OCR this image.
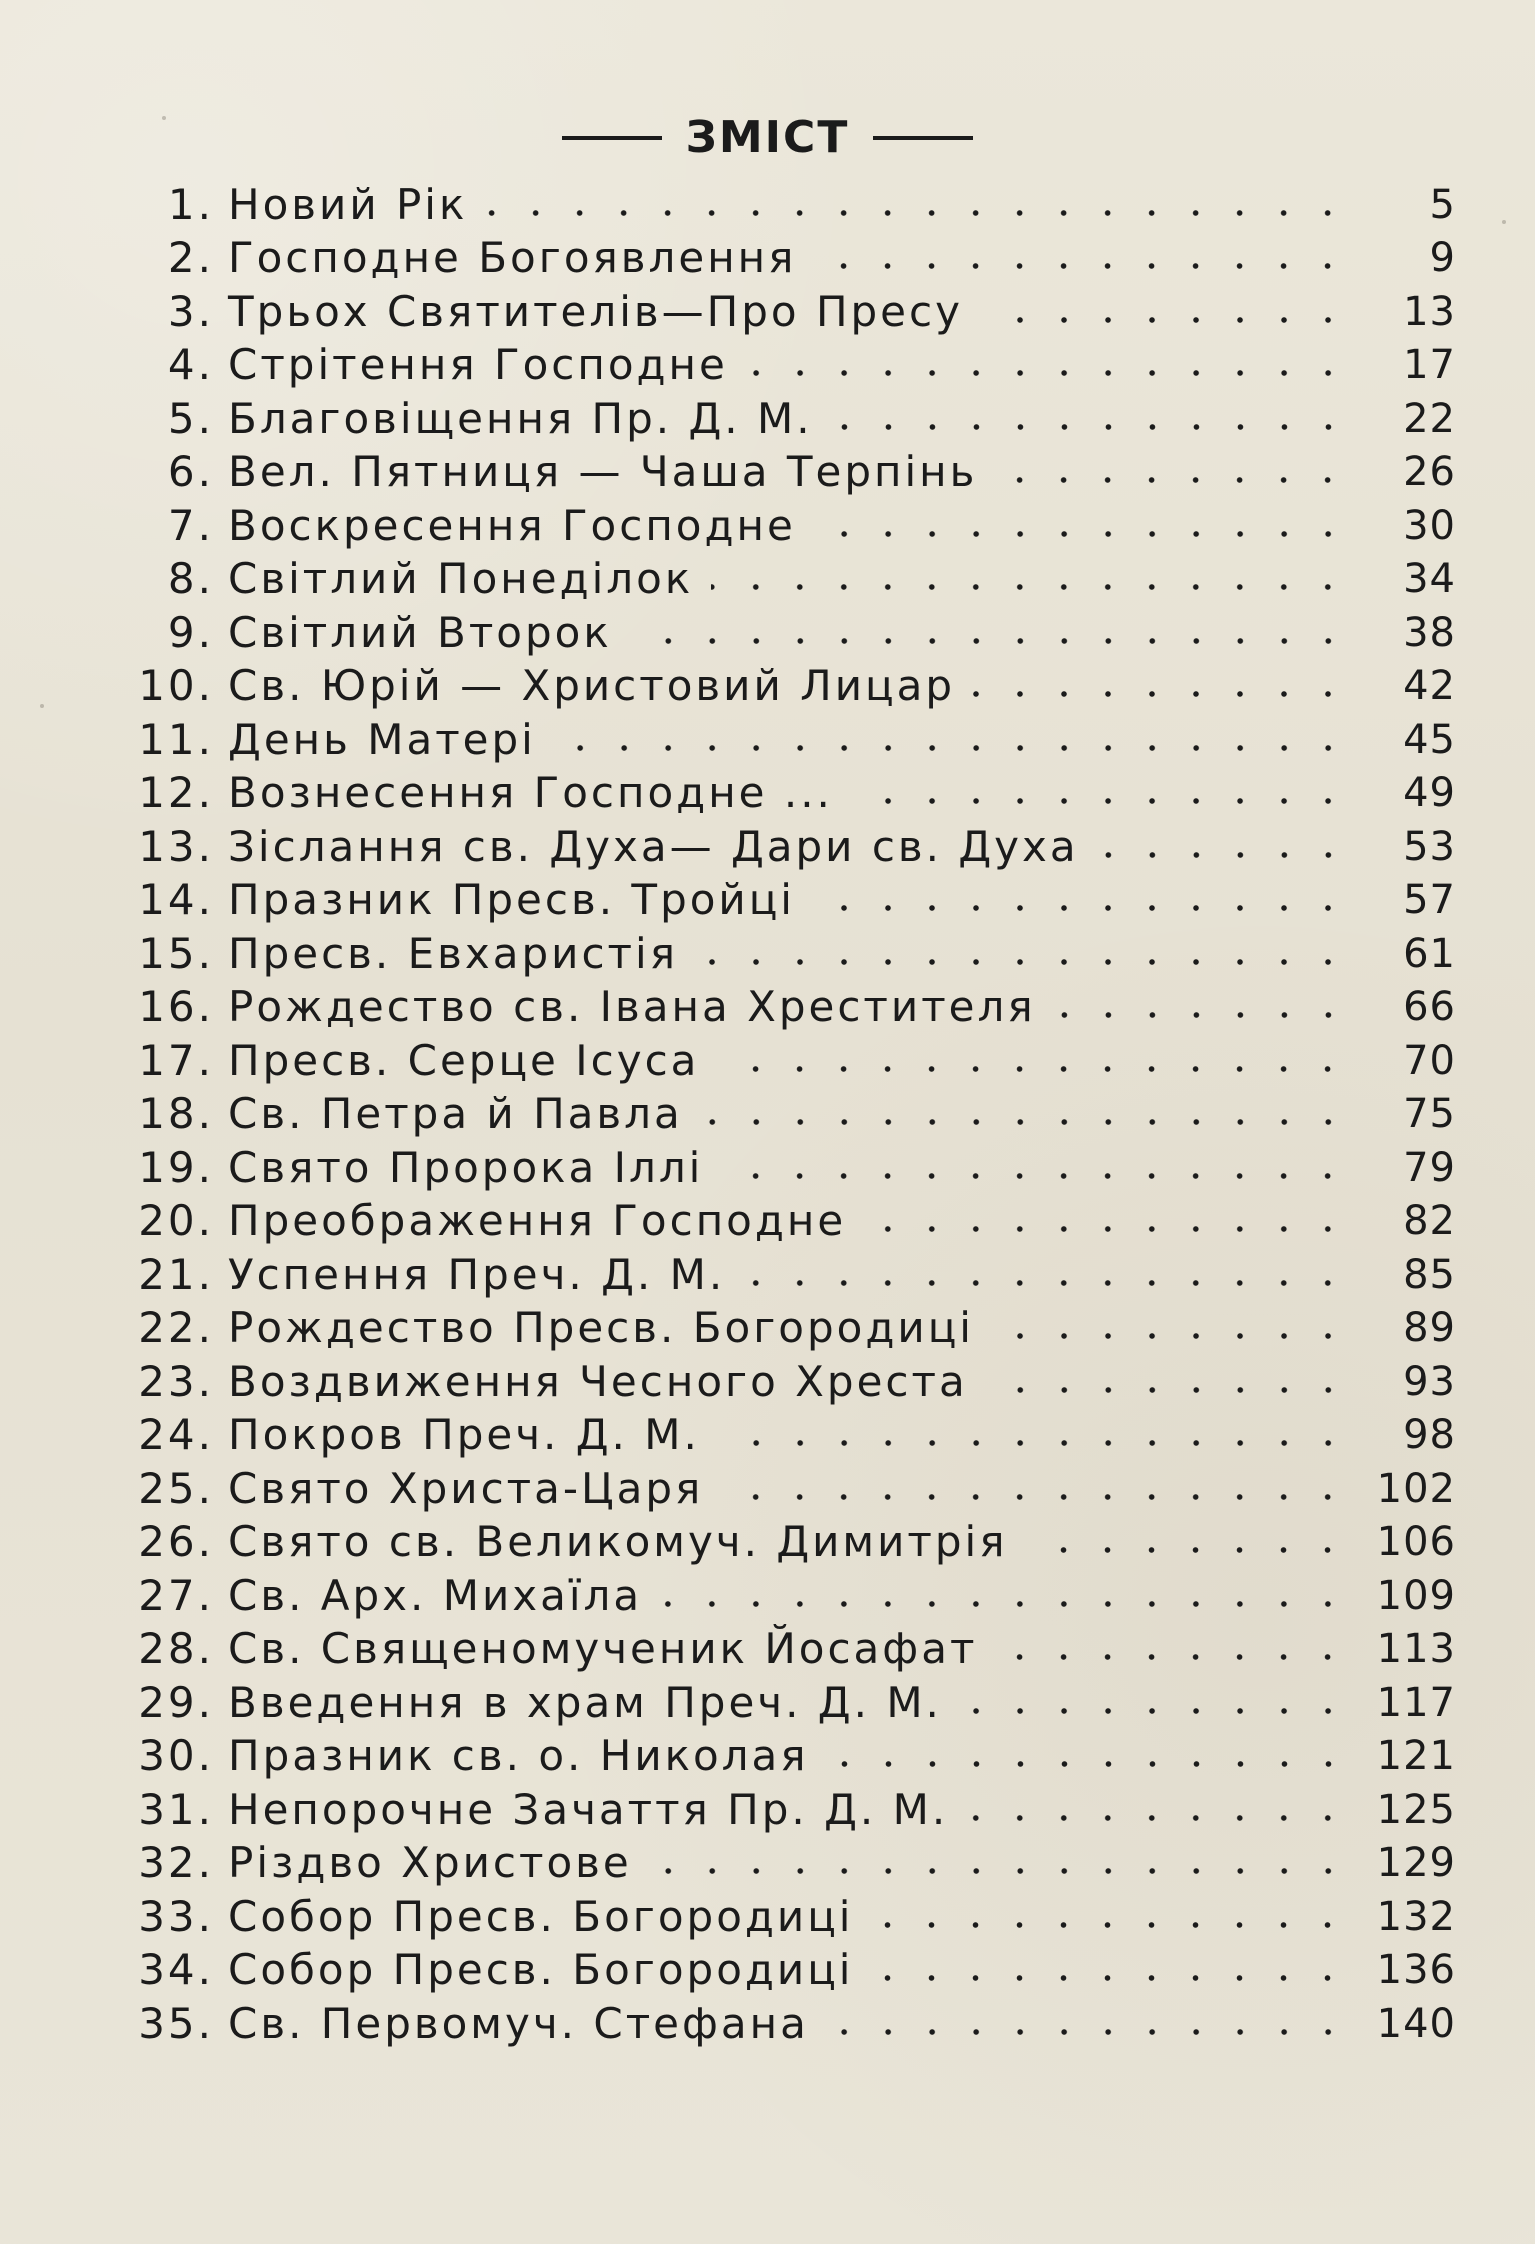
ЗМІСТ
1. Новий Рік	5
2. Господне Богоявлення	9
3. Трьох Святителів—Про Пресу	13
4. Стрітення Господне	17
5. Благовіщення Пр. Д. М.	22
6. Вел. Пятниця — Чаша Терпінь	26
7. Воскресення Господне	30
8. Світлий Понеділок	34
9. Світлий Второк	38
10. Св. Юрій — Христовий Лицар	42
11. День Матері	45
12. Вознесення Господне ...	49
13. Зіслання св. Духа— Дари св. Духа	53
14. Празник Пресв. Тройці	57
15. Пресв. Евхаристія	61
16. Рождество св. Івана Хрестителя	66
17. Пресв. Серце Ісуса	70
18. Св. Петра й Павла	75
19. Свято Пророка Іллі	79
20. Преображення Господне	82
21. Успення Преч. Д. М.	85
22. Рождество Пресв. Богородиці	89
23. Воздвиження Чесного Хреста	93
24. Покров Преч. Д. М.	98
25. Свято Христа-Царя	102
26. Свято св. Великомуч. Димитрія	106
27. Св. Арх. Михаїла	109
28. Св. Священомученик Йосафат	113
29. Введення в храм Преч. Д. М.	117
30. Празник св. о. Николая	121
31. Непорочне Зачаття Пр. Д. М.	125
32. Різдво Христове	129
33. Собор Пресв. Богородиці	132
34. Собор Пресв. Богородиці	136
35. Св. Первомуч. Стефана	140
